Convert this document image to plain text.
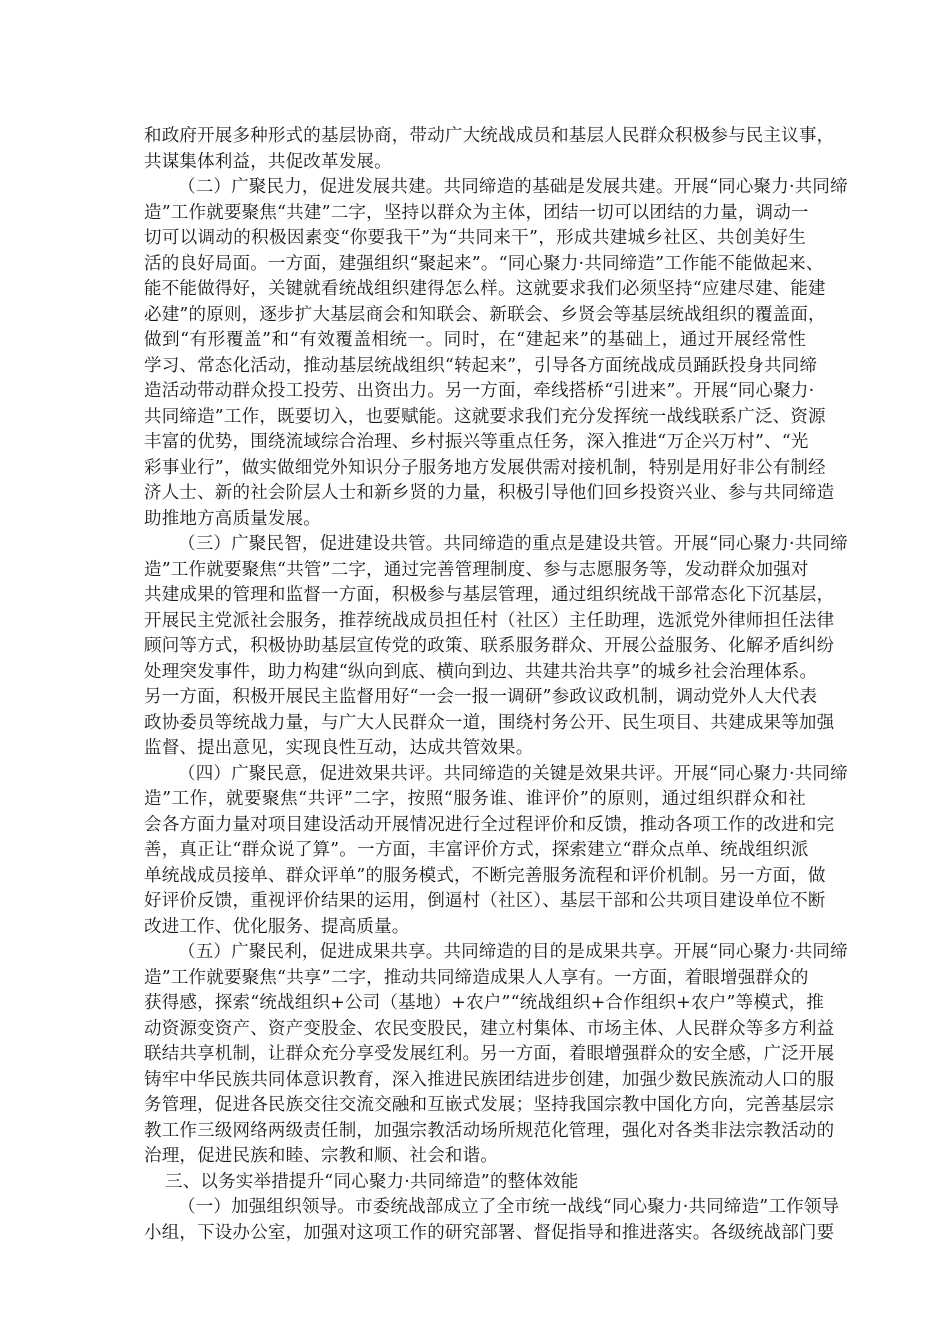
和政府开展多种形式的基层协商，带动广大统战成员和基层人民群众积极参与民主议事，
共谋集体利益，共促改革发展。
（二）广聚民力，促进发展共建。共同缔造的基础是发展共建。开展“同心聚力·共同缔
造”工作就要聚焦“共建”二字，坚持以群众为主体，团结一切可以团结的力量，调动一
切可以调动的积极因素变“你要我干”为“共同来干”，形成共建城乡社区、共创美好生
活的良好局面。一方面，建强组织“聚起来”。“同心聚力·共同缔造”工作能不能做起来、
能不能做得好，关键就看统战组织建得怎么样。这就要求我们必须坚持“应建尽建、能建
必建”的原则，逐步扩大基层商会和知联会、新联会、乡贤会等基层统战组织的覆盖面，
做到“有形覆盖”和“有效覆盖相统一。同时，在“建起来”的基础上，通过开展经常性
学习、常态化活动，推动基层统战组织“转起来”，引导各方面统战成员踊跃投身共同缔
造活动带动群众投工投劳、出资出力。另一方面，牵线搭桥“引进来”。开展“同心聚力·
共同缔造”工作，既要切入，也要赋能。这就要求我们充分发挥统一战线联系广泛、资源
丰富的优势，围绕流域综合治理、乡村振兴等重点任务，深入推进“万企兴万村”、“光
彩事业行”，做实做细党外知识分子服务地方发展供需对接机制，特别是用好非公有制经
济人士、新的社会阶层人士和新乡贤的力量，积极引导他们回乡投资兴业、参与共同缔造
助推地方高质量发展。
（三）广聚民智，促进建设共管。共同缔造的重点是建设共管。开展“同心聚力·共同缔
造”工作就要聚焦“共管”二字，通过完善管理制度、参与志愿服务等，发动群众加强对
共建成果的管理和监督一方面，积极参与基层管理，通过组织统战干部常态化下沉基层，
开展民主党派社会服务，推荐统战成员担任村（社区）主任助理，选派党外律师担任法律
顾问等方式，积极协助基层宣传党的政策、联系服务群众、开展公益服务、化解矛盾纠纷
处理突发事件，助力构建“纵向到底、横向到边、共建共治共享”的城乡社会治理体系。
另一方面，积极开展民主监督用好“一会一报一调研”参政议政机制，调动党外人大代表
政协委员等统战力量，与广大人民群众一道，围绕村务公开、民生项目、共建成果等加强
监督、提出意见，实现良性互动，达成共管效果。
（四）广聚民意，促进效果共评。共同缔造的关键是效果共评。开展“同心聚力·共同缔
造”工作，就要聚焦“共评”二字，按照“服务谁、谁评价”的原则，通过组织群众和社
会各方面力量对项目建设活动开展情况进行全过程评价和反馈，推动各项工作的改进和完
善，真正让“群众说了算”。一方面，丰富评价方式，探索建立“群众点单、统战组织派
单统战成员接单、群众评单”的服务模式，不断完善服务流程和评价机制。另一方面，做
好评价反馈，重视评价结果的运用，倒逼村（社区）、基层干部和公共项目建设单位不断
改进工作、优化服务、提高质量。
（五）广聚民利，促进成果共享。共同缔造的目的是成果共享。开展“同心聚力·共同缔
造”工作就要聚焦“共享”二字，推动共同缔造成果人人享有。一方面，着眼增强群众的
获得感，探索“统战组织+公司（基地）+农户”“统战组织+合作组织+农户”等模式，推
动资源变资产、资产变股金、农民变股民，建立村集体、市场主体、人民群众等多方利益
联结共享机制，让群众充分享受发展红利。另一方面，着眼增强群众的安全感，广泛开展
铸牢中华民族共同体意识教育，深入推进民族团结进步创建，加强少数民族流动人口的服
务管理，促进各民族交往交流交融和互嵌式发展；坚持我国宗教中国化方向，完善基层宗
教工作三级网络两级责任制，加强宗教活动场所规范化管理，强化对各类非法宗教活动的
治理，促进民族和睦、宗教和顺、社会和谐。
三、以务实举措提升“同心聚力·共同缔造”的整体效能
（一）加强组织领导。市委统战部成立了全市统一战线“同心聚力·共同缔造”工作领导
小组，下设办公室，加强对这项工作的研究部署、督促指导和推进落实。各级统战部门要
